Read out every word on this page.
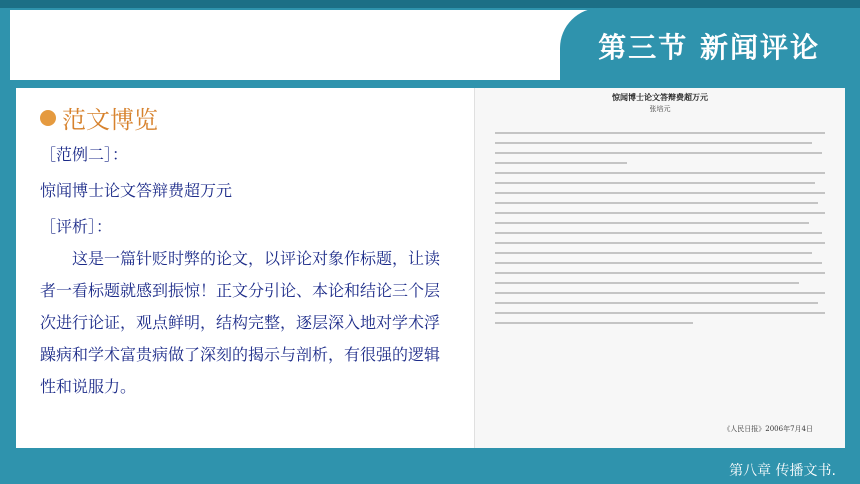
第三节 新闻评论
范文博览
［范例二］：
惊闻博士论文答辩费超万元
［评析］：
这是一篇针贬时弊的论文，以评论对象作标题，让读者一看标题就感到振惊！正文分引论、本论和结论三个层次进行论证，观点鲜明，结构完整，逐层深入地对学术浮躁病和学术富贵病做了深刻的揭示与剖析，有很强的逻辑性和说服力。
惊闻博士论文答辩费超万元
张培元
《人民日报》2006年7月4日
第八章 传播文书.
